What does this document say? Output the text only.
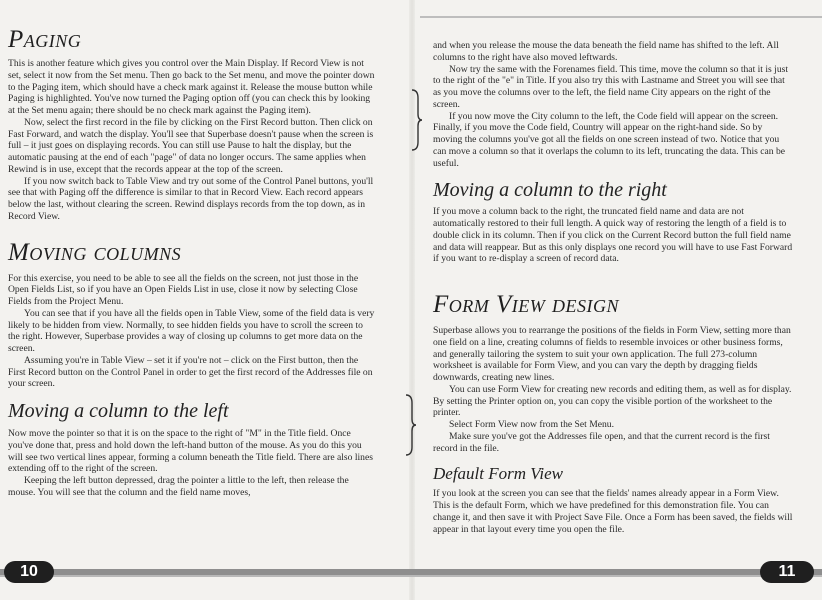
Paging

This is another feature which gives you control over the Main Display. If Record View is not set, select it now from the Set menu. Then go back to the Set menu, and move the pointer down to the Paging item, which should have a check mark against it. Release the mouse button while Paging is highlighted. You've now turned the Paging option off (you can check this by looking at the Set menu again; there should be no check mark against the Paging item).

Now, select the first record in the file by clicking on the First Record button. Then click on Fast Forward, and watch the display. You'll see that Superbase doesn't pause when the screen is full – it just goes on displaying records. You can still use Pause to halt the display, but the automatic pausing at the end of each "page" of data no longer occurs. The same applies when Rewind is in use, except that the records appear at the top of the screen.

If you now switch back to Table View and try out some of the Control Panel buttons, you'll see that with Paging off the difference is similar to that in Record View. Each record appears below the last, without clearing the screen. Rewind displays records from the top down, as in Record View.

Moving columns

For this exercise, you need to be able to see all the fields on the screen, not just those in the Open Fields List, so if you have an Open Fields List in use, close it now by selecting Close Fields from the Project Menu.

You can see that if you have all the fields open in Table View, some of the field data is very likely to be hidden from view. Normally, to see hidden fields you have to scroll the screen to the right. However, Superbase provides a way of closing up columns to get more data on the screen.

Assuming you're in Table View – set it if you're not – click on the First button, then the First Record button on the Control Panel in order to get the first record of the Addresses file on your screen.

Moving a column to the left

Now move the pointer so that it is on the space to the right of "M" in the Title field. Once you've done that, press and hold down the left-hand button of the mouse. As you do this you will see two vertical lines appear, forming a column beneath the Title field. There are also lines extending off to the right of the screen.

Keeping the left button depressed, drag the pointer a little to the left, then release the mouse. You will see that the column and the field name moves,

and when you release the mouse the data beneath the field name has shifted to the left. All columns to the right have also moved leftwards.

Now try the same with the Forenames field. This time, move the column so that it is just to the right of the "e" in Title. If you also try this with Lastname and Street you will see that as you move the columns over to the left, the field name City appears on the right of the screen.

If you now move the City column to the left, the Code field will appear on the screen. Finally, if you move the Code field, Country will appear on the right-hand side. So by moving the columns you've got all the fields on one screen instead of two. Notice that you can move a column so that it overlaps the column to its left, truncating the data. This can be useful.

Moving a column to the right

If you move a column back to the right, the truncated field name and data are not automatically restored to their full length. A quick way of restoring the length of a field is to double click in its column. Then if you click on the Current Record button the full field name and data will reappear. But as this only displays one record you will have to use Fast Forward if you want to re-display a screen of record data.

Form View design

Superbase allows you to rearrange the positions of the fields in Form View, setting more than one field on a line, creating columns of fields to resemble invoices or other business forms, and generally tailoring the system to suit your own application. The full 273-column worksheet is available for Form View, and you can vary the depth by dragging fields downwards, creating new lines.

You can use Form View for creating new records and editing them, as well as for display. By setting the Printer option on, you can copy the visible portion of the worksheet to the printer.

Select Form View now from the Set Menu.

Make sure you've got the Addresses file open, and that the current record is the first record in the file.

Default Form View

If you look at the screen you can see that the fields' names already appear in a Form View. This is the default Form, which we have predefined for this demonstration file. You can change it, and then save it with Project Save File. Once a Form has been saved, the fields will appear in that layout every time you open the file.

10	11
